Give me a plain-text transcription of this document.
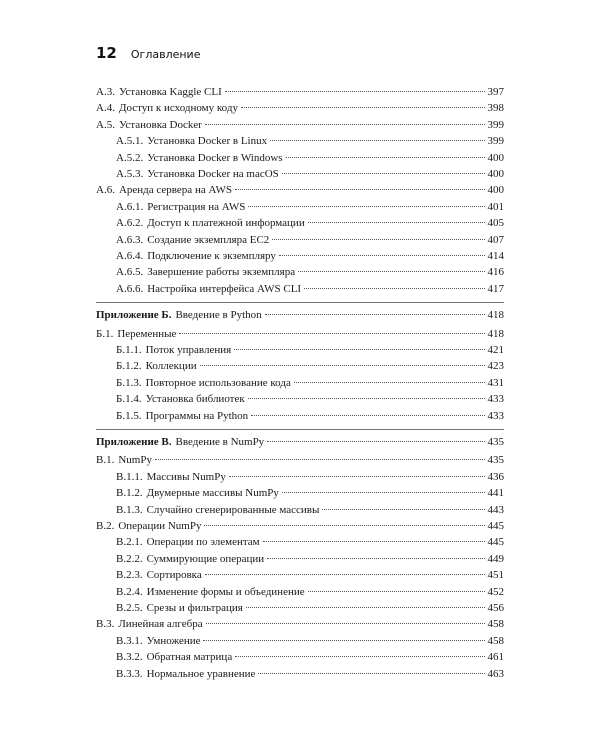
12 Оглавление
А.3. Установка Kaggle CLI	397
А.4. Доступ к исходному коду	398
А.5. Установка Docker	399
А.5.1. Установка Docker в Linux	399
А.5.2. Установка Docker в Windows	400
А.5.3. Установка Docker на macOS	400
А.6. Аренда сервера на AWS	400
А.6.1. Регистрация на AWS	401
А.6.2. Доступ к платежной информации	405
А.6.3. Создание экземпляра EC2	407
А.6.4. Подключение к экземпляру	414
А.6.5. Завершение работы экземпляра	416
А.6.6. Настройка интерфейса AWS CLI	417
Приложение Б. Введение в Python	418
Б.1. Переменные	418
Б.1.1. Поток управления	421
Б.1.2. Коллекции	423
Б.1.3. Повторное использование кода	431
Б.1.4. Установка библиотек	433
Б.1.5. Программы на Python	433
Приложение В. Введение в NumPy	435
В.1. NumPy	435
В.1.1. Массивы NumPy	436
В.1.2. Двумерные массивы NumPy	441
В.1.3. Случайно сгенерированные массивы	443
В.2. Операции NumPy	445
В.2.1. Операции по элементам	445
В.2.2. Суммирующие операции	449
В.2.3. Сортировка	451
В.2.4. Изменение формы и объединение	452
В.2.5. Срезы и фильтрация	456
В.3. Линейная алгебра	458
В.3.1. Умножение	458
В.3.2. Обратная матрица	461
В.3.3. Нормальное уравнение	463
